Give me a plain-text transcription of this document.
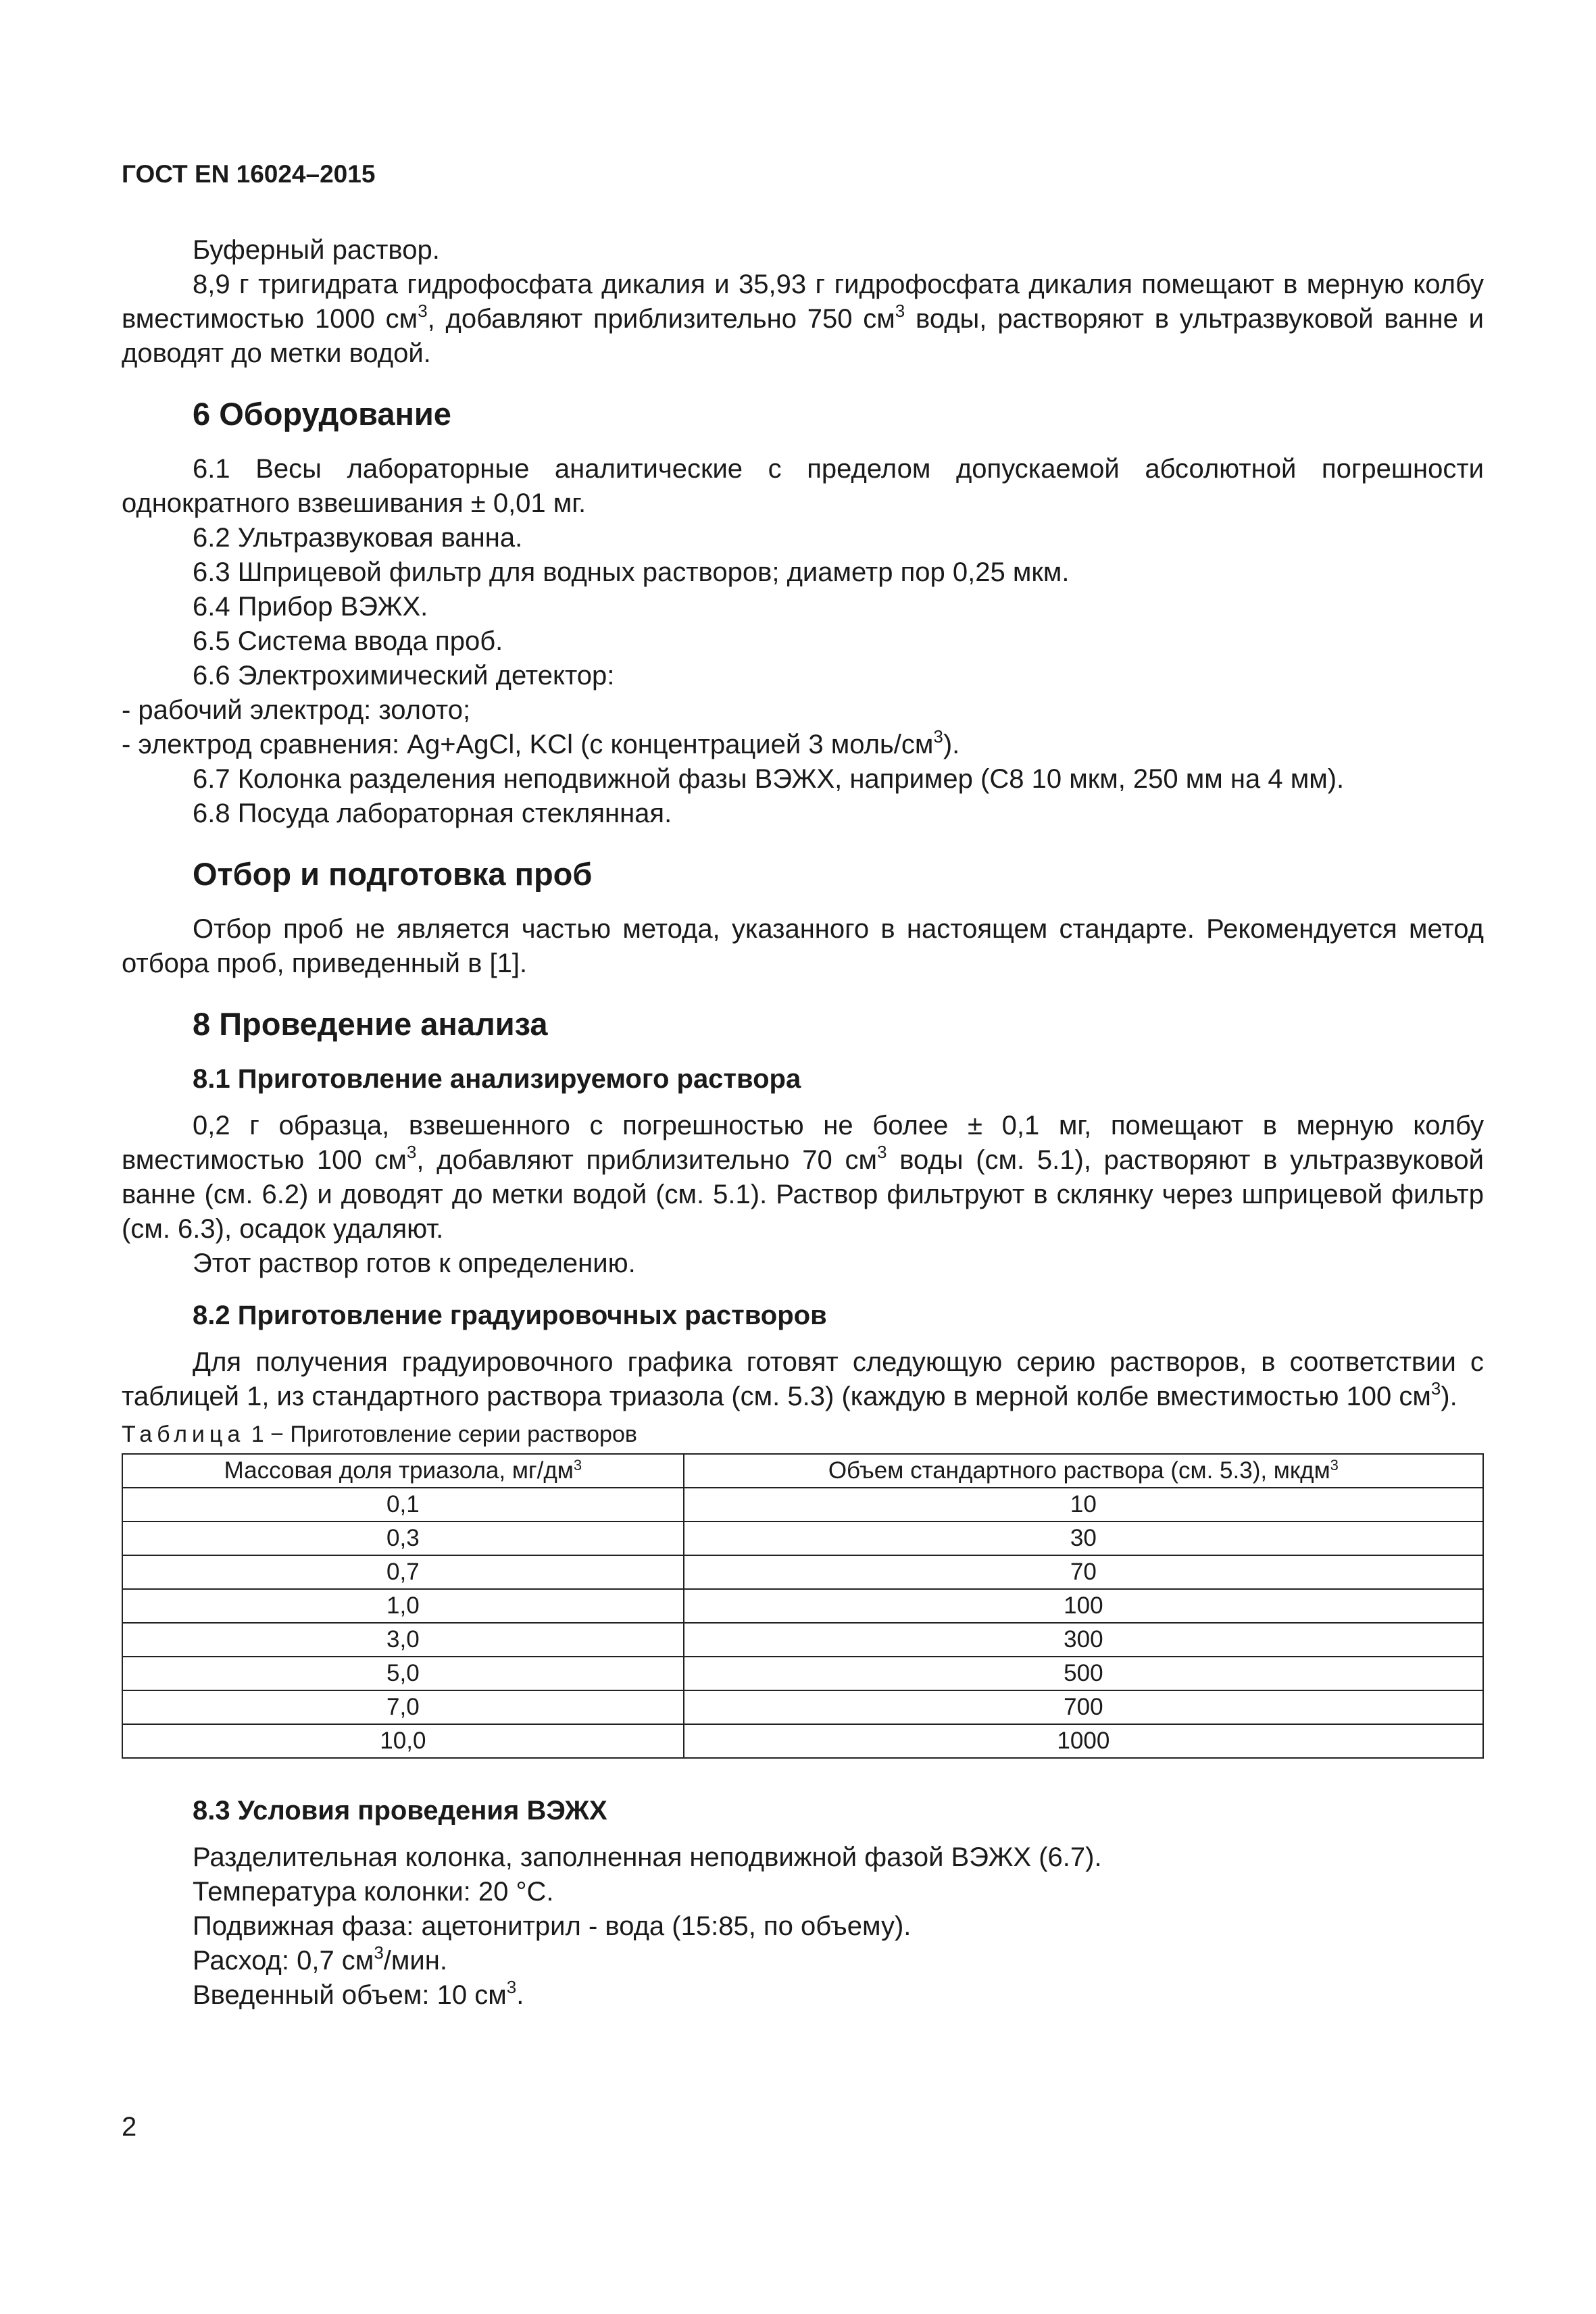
ГОСТ EN 16024–2015

Буферный раствор.

8,9 г тригидрата гидрофосфата дикалия и 35,93 г гидрофосфата дикалия помещают в мерную колбу вместимостью 1000 $см^3$, добавляют приблизительно 750 $см^3$ воды, растворяют в ультразвуковой ванне и доводят до метки водой.

6 Оборудование

6.1 Весы лабораторные аналитические с пределом допускаемой абсолютной погрешности однократного взвешивания ± 0,01 мг.

6.2 Ультразвуковая ванна.

6.3 Шприцевой фильтр для водных растворов; диаметр пор 0,25 мкм.

6.4 Прибор ВЭЖХ.

6.5 Система ввода проб.

6.6 Электрохимический детектор:

- рабочий электрод: золото;

- электрод сравнения: Ag+AgCl, KCl (с концентрацией 3 моль/$см^3$).

6.7 Колонка разделения неподвижной фазы ВЭЖХ, например (С8 10 мкм, 250 мм на 4 мм).

6.8 Посуда лабораторная стеклянная.

Отбор и подготовка проб

Отбор проб не является частью метода, указанного в настоящем стандарте. Рекомендуется метод отбора проб, приведенный в [1].

8 Проведение анализа
8.1 Приготовление анализируемого раствора

0,2 г образца, взвешенного с погрешностью не более ± 0,1 мг, помещают в мерную колбу вместимостью 100 $см^3$, добавляют приблизительно 70 $см^3$ воды (см. 5.1), растворяют в ультразвуковой ванне (см. 6.2) и доводят до метки водой (см. 5.1). Раствор фильтруют в склянку через шприцевой фильтр (см. 6.3), осадок удаляют.

Этот раствор готов к определению.

8.2 Приготовление градуировочных растворов

Для получения градуировочного графика готовят следующую серию растворов, в соответствии с таблицей 1, из стандартного раствора триазола (см. 5.3) (каждую в мерной колбе вместимостью 100 $см^3$).

Таблица 1 − Приготовление серии растворов

Массовая доля триазола, $мг/дм^3$	Объем стандартного раствора (см. 5.3), мкдм$^3$
0,1	10
0,3	30
0,7	70
1,0	100
3,0	300
5,0	500
7,0	700
10,0	1000
8.3 Условия проведения ВЭЖХ

Разделительная колонка, заполненная неподвижной фазой ВЭЖХ (6.7).

Температура колонки: 20 °С.

Подвижная фаза: ацетонитрил - вода (15:85, по объему).

Расход: 0,7 $см^3$/мин.

Введенный объем: 10 $см^3$.

2
